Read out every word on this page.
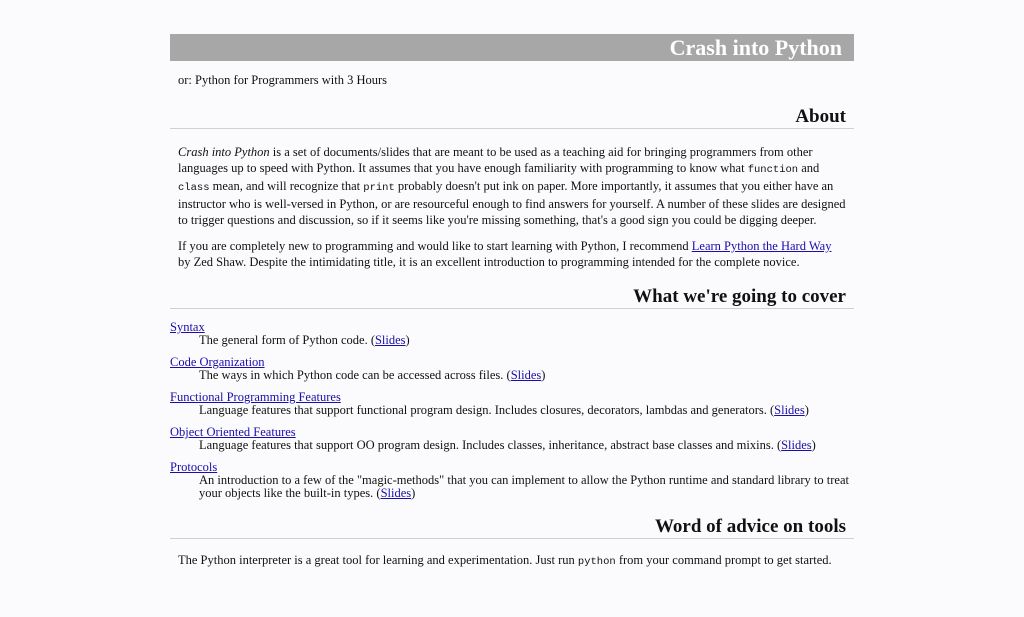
Crash into Python
or: Python for Programmers with 3 Hours
About

Crash into Python is a set of documents/slides that are meant to be used as a teaching aid for bringing programmers from other languages up to speed with Python. It assumes that you have enough familiarity with programming to know what function and class mean, and will recognize that print probably doesn't put ink on paper. More importantly, it assumes that you either have an instructor who is well-versed in Python, or are resourceful enough to find answers for yourself. A number of these slides are designed to trigger questions and discussion, so if it seems like you're missing something, that's a good sign you could be digging deeper.

If you are completely new to programming and would like to start learning with Python, I recommend Learn Python the Hard Way by Zed Shaw. Despite the intimidating title, it is an excellent introduction to programming intended for the complete novice.

What we're going to cover
Syntax
The general form of Python code. (Slides)
Code Organization
The ways in which Python code can be accessed across files. (Slides)
Functional Programming Features
Language features that support functional program design. Includes closures, decorators, lambdas and generators. (Slides)
Object Oriented Features
Language features that support OO program design. Includes classes, inheritance, abstract base classes and mixins. (Slides)
Protocols
An introduction to a few of the "magic-methods" that you can implement to allow the Python runtime and standard library to treat your objects like the built-in types. (Slides)
Word of advice on tools

The Python interpreter is a great tool for learning and experimentation. Just run python from your command prompt to get started.
